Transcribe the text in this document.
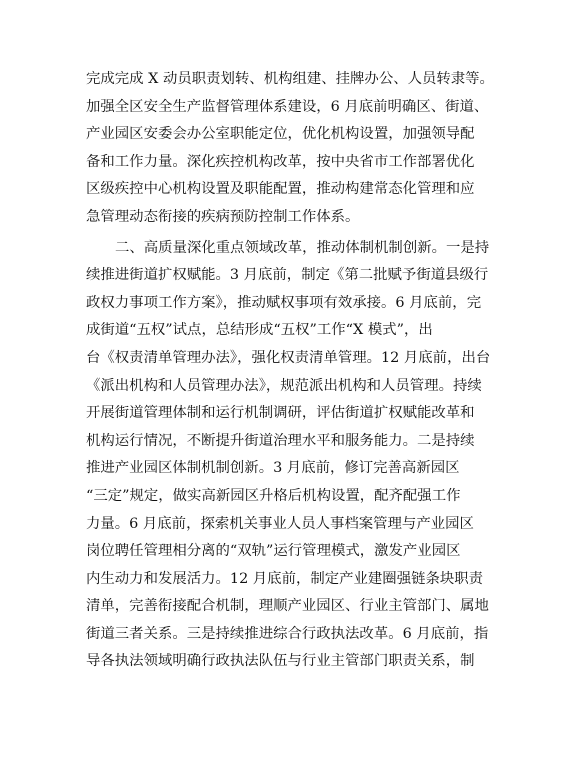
完成完成 X 动员职责划转、机构组建、挂牌办公、人员转隶等。
加强全区安全生产监督管理体系建设，6 月底前明确区、街道、
产业园区安委会办公室职能定位，优化机构设置，加强领导配
备和工作力量。深化疾控机构改革，按中央省市工作部署优化
区级疾控中心机构设置及职能配置，推动构建常态化管理和应
急管理动态衔接的疾病预防控制工作体系。
二、高质量深化重点领域改革，推动体制机制创新。一是持
续推进街道扩权赋能。3 月底前，制定《第二批赋予街道县级行
政权力事项工作方案》，推动赋权事项有效承接。6 月底前，完
成街道“五权”试点，总结形成“五权”工作“X 模式”，出
台《权责清单管理办法》，强化权责清单管理。12 月底前，出台
《派出机构和人员管理办法》，规范派出机构和人员管理。持续
开展街道管理体制和运行机制调研，评估街道扩权赋能改革和
机构运行情况，不断提升街道治理水平和服务能力。二是持续
推进产业园区体制机制创新。3 月底前，修订完善高新园区
“三定”规定，做实高新园区升格后机构设置，配齐配强工作
力量。6 月底前，探索机关事业人员人事档案管理与产业园区
岗位聘任管理相分离的“双轨”运行管理模式，激发产业园区
内生动力和发展活力。12 月底前，制定产业建圈强链条块职责
清单，完善衔接配合机制，理顺产业园区、行业主管部门、属地
街道三者关系。三是持续推进综合行政执法改革。6 月底前，指
导各执法领域明确行政执法队伍与行业主管部门职责关系，制
